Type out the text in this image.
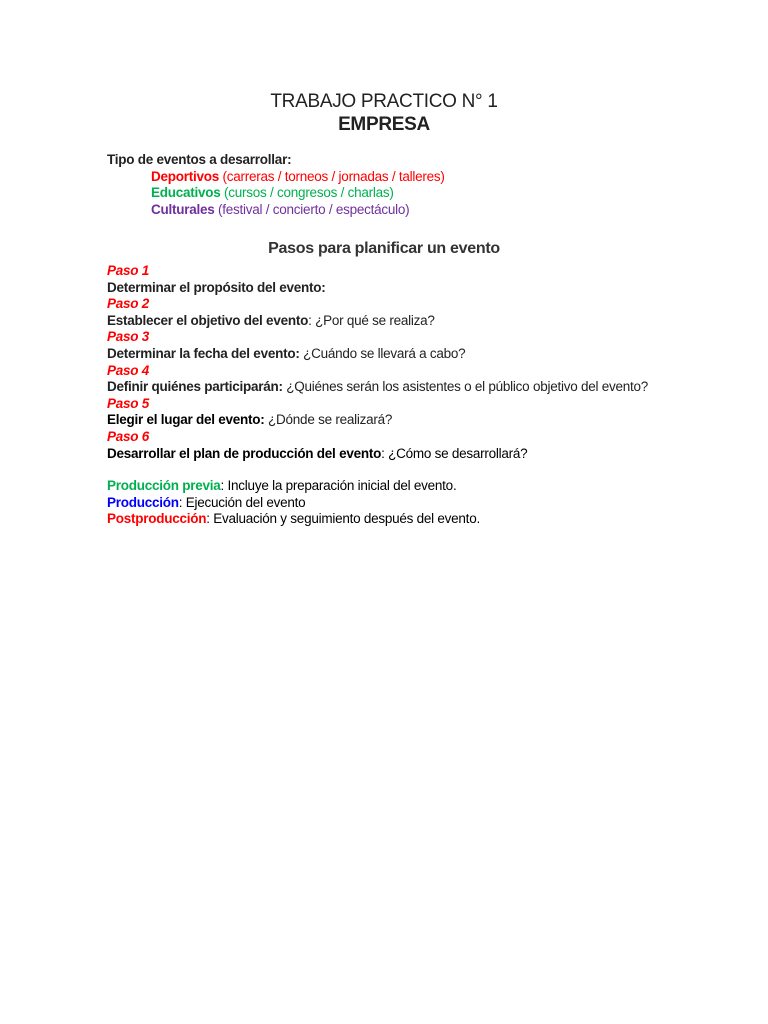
TRABAJO PRACTICO N° 1
EMPRESA
Tipo de eventos a desarrollar:
Deportivos (carreras / torneos / jornadas / talleres)
Educativos (cursos / congresos / charlas)
Culturales (festival / concierto / espectáculo)
Pasos para planificar un evento
Paso 1
Determinar el propósito del evento:
Paso 2
Establecer el objetivo del evento: ¿Por qué se realiza?
Paso 3
Determinar la fecha del evento: ¿Cuándo se llevará a cabo?
Paso 4
Definir quiénes participarán: ¿Quiénes serán los asistentes o el público objetivo del evento?
Paso 5
Elegir el lugar del evento: ¿Dónde se realizará?
Paso 6
Desarrollar el plan de producción del evento: ¿Cómo se desarrollará?
Producción previa: Incluye la preparación inicial del evento.
Producción: Ejecución del evento
Postproducción: Evaluación y seguimiento después del evento.
